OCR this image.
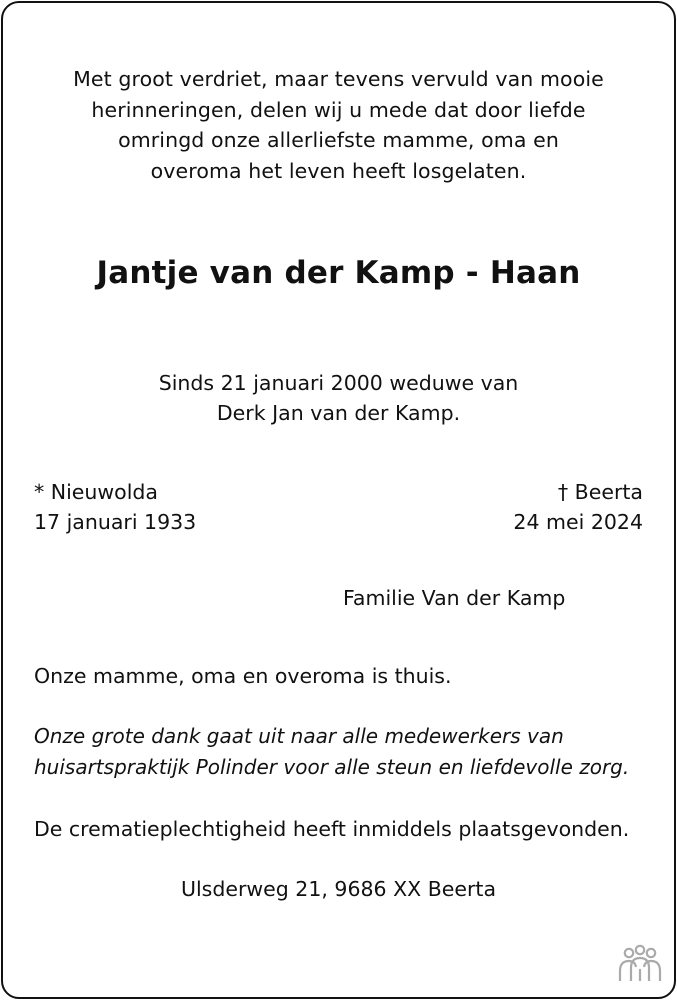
Met groot verdriet, maar tevens vervuld van mooie
herinneringen, delen wij u mede dat door liefde
omringd onze allerliefste mamme, oma en
overoma het leven heeft losgelaten.
Jantje van der Kamp - Haan
Sinds 21 januari 2000 weduwe van
Derk Jan van der Kamp.
* Nieuwolda
17 januari 1933
† Beerta
24 mei 2024
Familie Van der Kamp
Onze mamme, oma en overoma is thuis.
Onze grote dank gaat uit naar alle medewerkers van
huisartspraktijk Polinder voor alle steun en liefdevolle zorg.
De crematieplechtigheid heeft inmiddels plaatsgevonden.
Ulsderweg 21, 9686 XX Beerta
